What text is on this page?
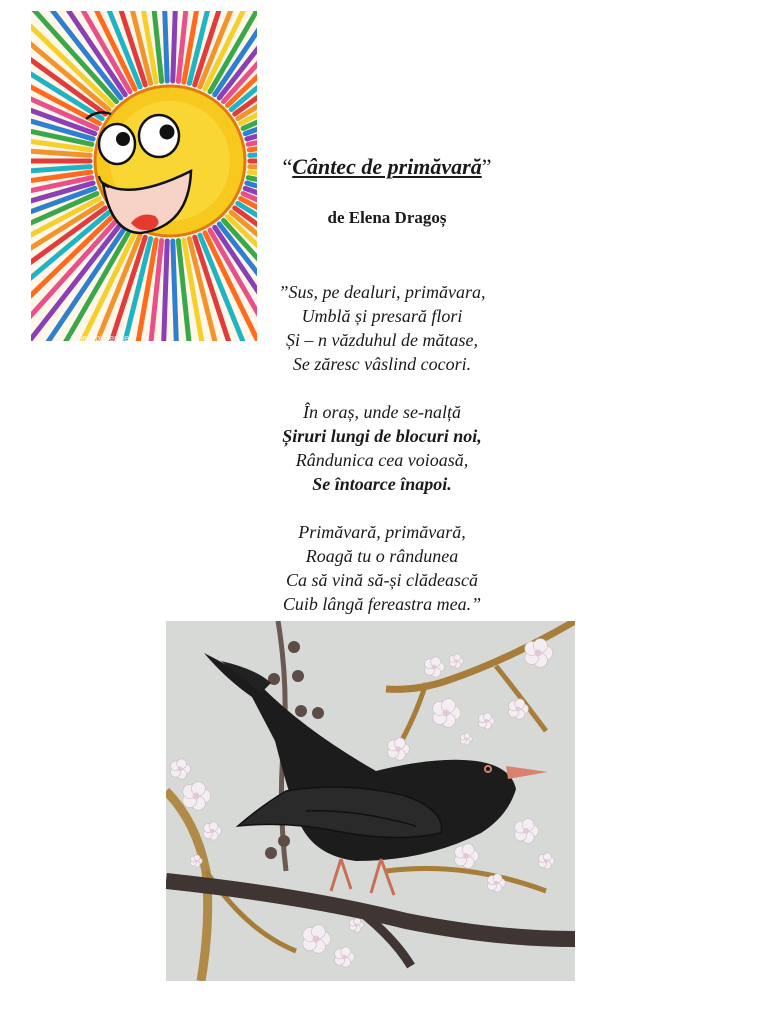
© lernbilder.de
“Cântec de primăvară”
de Elena Dragoș
”Sus, pe dealuri, primăvara,
Umblă și presară flori
Și – n văzduhul de mătase,
Se zăresc vâslind cocori.
În oraș, unde se-nalță
Șiruri lungi de blocuri noi,
Rândunica cea voioasă,
Se întoarce înapoi.
Primăvară, primăvară,
Roagă tu o rândunea
Ca să vină să-și clădească
Cuib lângă fereastra mea.”
